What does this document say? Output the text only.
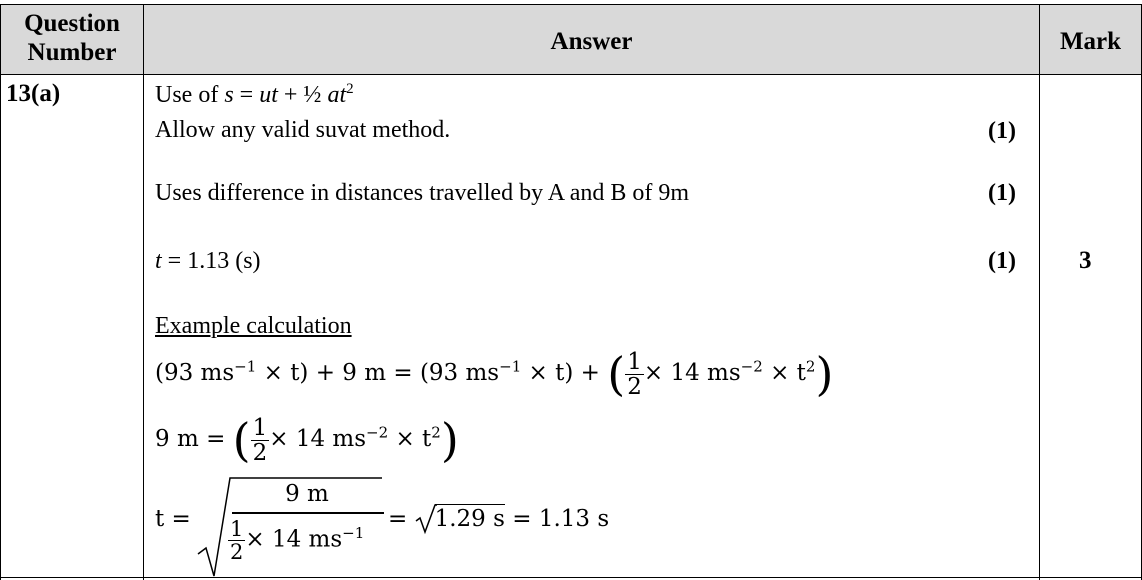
Question
Number	Answer	Mark
13(a)	Use of s = ut + ½ $at^2$
Allow any valid suvat method.	(1)
Uses difference in distances travelled by A and B of 9m	(1)
t = 1.13 (s)	(1)	3
Example calculation
(93 $ms^{-1} \times t) + 9$ m = (93 $ms^{-1} \times t$) + ( $\frac{1}{2} \times 14$ $ms^{-2} \times t^2$)
9 m = ( $\frac{1}{2} \times 14$ $ms^{-2} \times t^2$)
t =
9 m
$\frac{1}{2} \times 14$ $ms^{-1}$
=
1.29 s = 1.13 s
